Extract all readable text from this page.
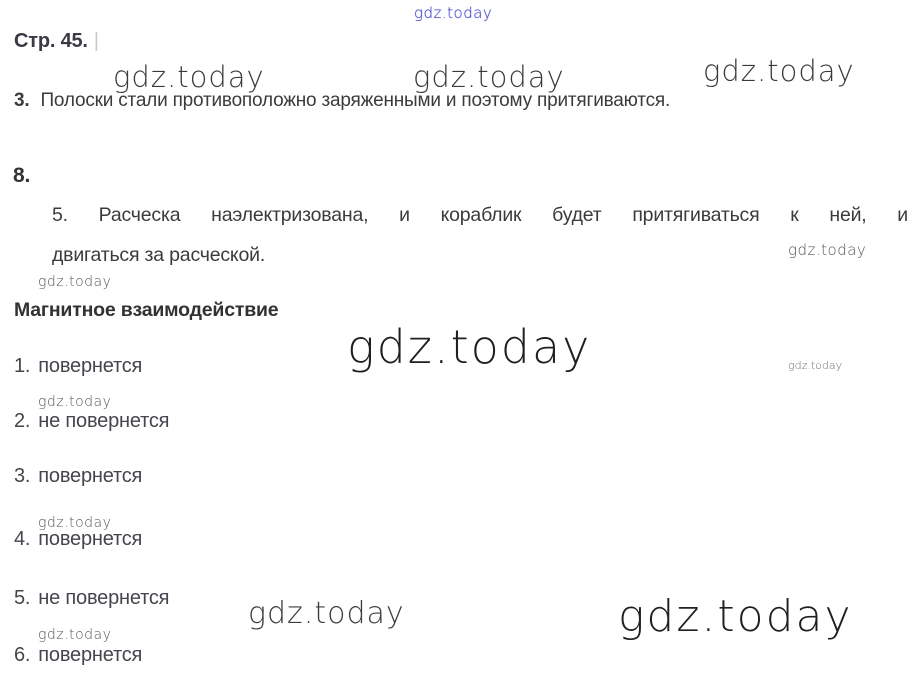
gdz.today
gdz.today	gdz.today	gdz.today
gdz.today
gdz.today
gdz.today	gdz.today
gdz.today
gdz.today
gdz.today
gdz.today	gdz.today
Стр. 45. |
3. Полоски стали противоположно заряженными и поэтому притягиваются.
8.
5. Расческа наэлектризована, и кораблик будет притягиваться к ней, и
двигаться за расческой.
Магнитное взаимодействие
1. повернется
2. не повернется
3. повернется
4. повернется
5. не повернется
6. повернется
